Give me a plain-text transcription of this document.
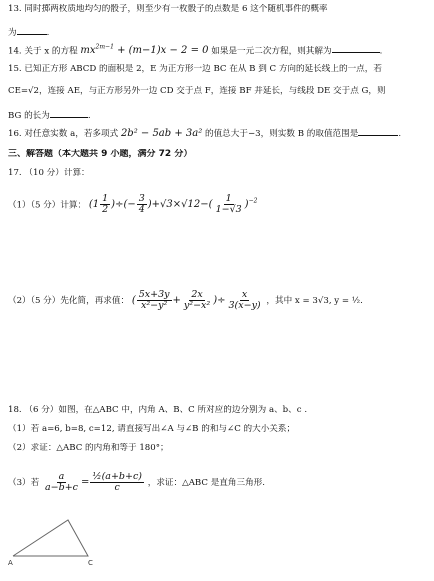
13. 同时掷两枚质地均匀的骰子，则至少有一枚骰子的点数是 6 这个随机事件的概率
为	.
14. 关于 x 的方程 $mx^{2m-1} + (m-1)x - 2 = 0$ 如果是一元二次方程，则其解为	.
15. 已知正方形 ABCD 的面积是 2，E 为正方形一边 BC 在从 B 到 C 方向的延长线上的一点，若
CE=√2，连接 AE，与正方形另外一边 CD 交于点 F，连接 BF 并延长，与线段 DE 交于点 G，则
BG 的长为	.
16. 对任意实数 a，若多项式 2b² − 5ab + 3a² 的值总大于−3，则实数 B 的取值范围是	.
三、解答题（本大题共 9 小题，满分 72 分）
17. （10 分）计算：
（1）（5 分）计算： ($1 \frac{1}{2}$ )÷(− $\frac{3}{4} )+√3\times√12-( \frac{1}{1-√3} )^{-2}$
（2）（5 分）先化简，再求值： ( $\frac{5x+3y}{\text{x²−y²}} + \frac{2x}{\text{y²−x²}}$ )÷ $\frac{x}{3(x-y)}$ ，其中 x = 3√3, y = ½.
18. （6 分）如图，在△ABC 中，内角 A、B、C 所对应的边分别为 a、b、c .
（1）若 a=6, b=8, c=12, 请直接写出∠A 与∠B 的和与∠C 的大小关系；
（2）求证：△ABC 的内角和等于 180°；
（3）若 $\frac{a}{a-b+c} = \frac{\text{½(a+b+c)}}{c}$ ，求证：△ABC 是直角三角形.
A	C
